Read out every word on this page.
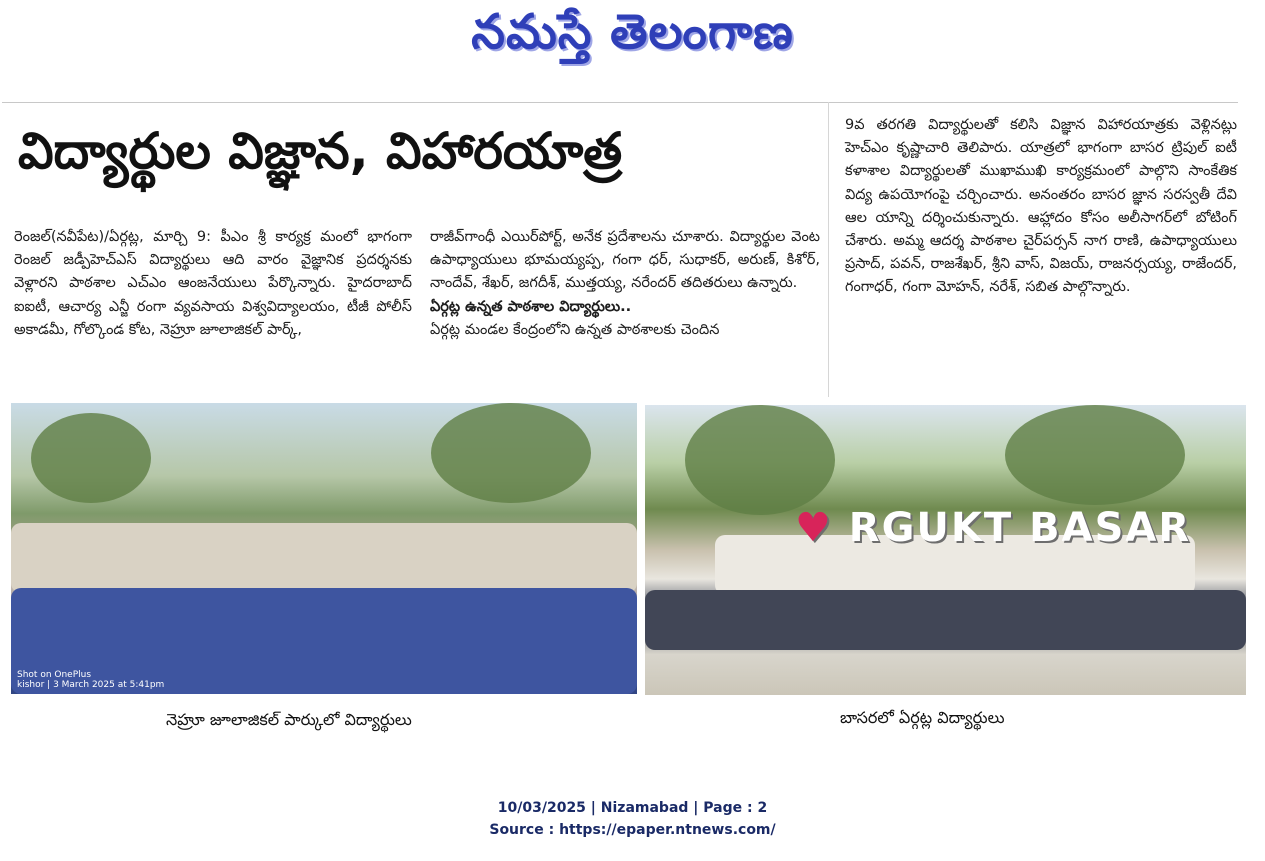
నమస్తే తెలంగాణ
విద్యార్థుల విజ్ఞాన, విహారయాత్ర

రెంజల్(నవీపేట)/ఏర్గట్ల, మార్చి 9: పీఎం శ్రీ కార్యక్ర మంలో భాగంగా రెంజల్ జడ్పీహెచ్ఎస్ విద్యార్థులు ఆది వారం వైజ్ఞానిక ప్రదర్శనకు వెళ్లారని పాఠశాల ఎచ్ఎం ఆంజనేయులు పేర్కొన్నారు. హైదరాబాద్ ఐఐటీ, ఆచార్య ఎన్జీ రంగా వ్యవసాయ విశ్వవిద్యాలయం, టీజీ పోలీస్ అకాడమీ, గోల్కొండ కోట, నెహ్రూ జూలాజికల్ పార్క్,

రాజీవ్‌గాంధీ ఎయిర్‌పోర్ట్, అనేక ప్రదేశాలను చూశారు. విద్యార్థుల వెంట ఉపాధ్యాయులు భూమయ్యప్ప, గంగా ధర్, సుధాకర్, అరుణ్, కిశోర్, నాందేవ్, శేఖర్, జగదీశ్, ముత్తయ్య, నరేందర్ తదితరులు ఉన్నారు.

ఏర్గట్ల ఉన్నత పాఠశాల విద్యార్థులు..

ఏర్గట్ల మండల కేంద్రంలోని ఉన్నత పాఠశాలకు చెందిన

9వ తరగతి విద్యార్థులతో కలిసి విజ్ఞాన విహారయాత్రకు వెళ్లినట్లు హెచ్ఎం కృష్ణాచారి తెలిపారు. యాత్రలో భాగంగా బాసర ట్రిపుల్ ఐటీ కళాశాల విద్యార్థులతో ముఖాముఖి కార్యక్రమంలో పాల్గొని సాంకేతిక విద్య ఉపయోగంపై చర్చించారు. అనంతరం బాసర జ్ఞాన సరస్వతీ దేవి ఆల యాన్ని దర్శించుకున్నారు. ఆహ్లాదం కోసం అలీసాగర్‌లో బోటింగ్ చేశారు. అమ్మ ఆదర్శ పాఠశాల చైర్‌పర్సన్ నాగ రాణి, ఉపాధ్యాయులు ప్రసాద్, పవన్, రాజశేఖర్, శ్రీని వాస్, విజయ్, రాజనర్సయ్య, రాజేందర్, గంగాధర్, గంగా మోహన్, నరేశ్, సబిత పాల్గొన్నారు.

Shot on OnePlus
kishor | 3 March 2025 at 5:41pm
♥ RGUKT BASAR
నెహ్రూ జూలాజికల్ పార్కులో విద్యార్థులు	బాసరలో ఏర్గట్ల విద్యార్థులు
10/03/2025 | Nizamabad | Page : 2
Source : https://epaper.ntnews.com/
